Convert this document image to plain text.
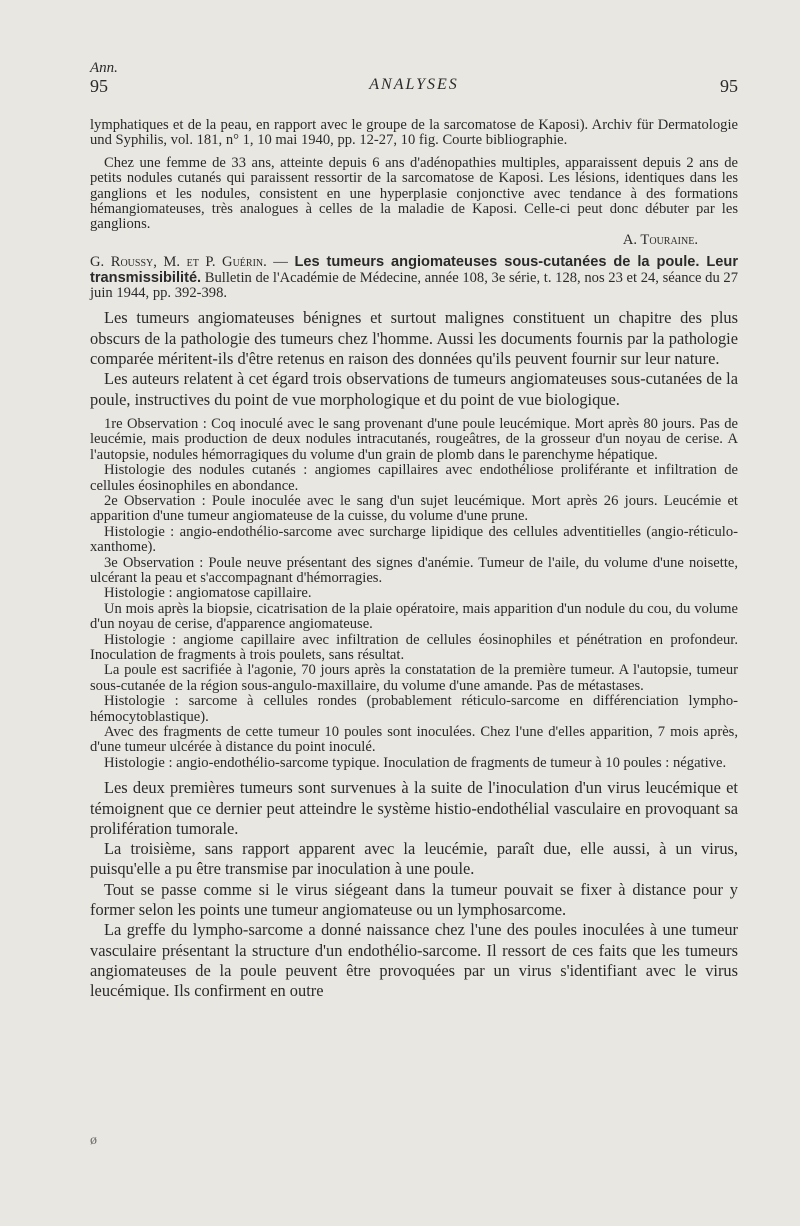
Ann.
95	ANALYSES	95

lymphatiques et de la peau, en rapport avec le groupe de la sarcomatose de Kaposi). Archiv für Dermatologie und Syphilis, vol. 181, n° 1, 10 mai 1940, pp. 12-27, 10 fig. Courte bibliographie.

Chez une femme de 33 ans, atteinte depuis 6 ans d'adénopathies multiples, apparaissent depuis 2 ans de petits nodules cutanés qui paraissent ressortir de la sarcomatose de Kaposi. Les lésions, identiques dans les ganglions et les nodules, consistent en une hyperplasie conjonctive avec tendance à des formations hémangiomateuses, très analogues à celles de la maladie de Kaposi. Celle-ci peut donc débuter par les ganglions.

A. Touraine.

G. Roussy, M. et P. Guérin. — Les tumeurs angiomateuses sous-cutanées de la poule. Leur transmissibilité. Bulletin de l'Académie de Médecine, année 108, 3e série, t. 128, nos 23 et 24, séance du 27 juin 1944, pp. 392-398.

Les tumeurs angiomateuses bénignes et surtout malignes constituent un chapitre des plus obscurs de la pathologie des tumeurs chez l'homme. Aussi les documents fournis par la pathologie comparée méritent-ils d'être retenus en raison des données qu'ils peuvent fournir sur leur nature.

Les auteurs relatent à cet égard trois observations de tumeurs angiomateuses sous-cutanées de la poule, instructives du point de vue morphologique et du point de vue biologique.

1re Observation : Coq inoculé avec le sang provenant d'une poule leucémique. Mort après 80 jours. Pas de leucémie, mais production de deux nodules intracutanés, rougeâtres, de la grosseur d'un noyau de cerise. A l'autopsie, nodules hémorragiques du volume d'un grain de plomb dans le parenchyme hépatique.

Histologie des nodules cutanés : angiomes capillaires avec endothéliose proliférante et infiltration de cellules éosinophiles en abondance.

2e Observation : Poule inoculée avec le sang d'un sujet leucémique. Mort après 26 jours. Leucémie et apparition d'une tumeur angiomateuse de la cuisse, du volume d'une prune.

Histologie : angio-endothélio-sarcome avec surcharge lipidique des cellules adventitielles (angio-réticulo-xanthome).

3e Observation : Poule neuve présentant des signes d'anémie. Tumeur de l'aile, du volume d'une noisette, ulcérant la peau et s'accompagnant d'hémorragies.

Histologie : angiomatose capillaire.

Un mois après la biopsie, cicatrisation de la plaie opératoire, mais apparition d'un nodule du cou, du volume d'un noyau de cerise, d'apparence angiomateuse.

Histologie : angiome capillaire avec infiltration de cellules éosinophiles et pénétration en profondeur. Inoculation de fragments à trois poulets, sans résultat.

La poule est sacrifiée à l'agonie, 70 jours après la constatation de la première tumeur. A l'autopsie, tumeur sous-cutanée de la région sous-angulo-maxillaire, du volume d'une amande. Pas de métastases.

Histologie : sarcome à cellules rondes (probablement réticulo-sarcome en différenciation lympho-hémocytoblastique).

Avec des fragments de cette tumeur 10 poules sont inoculées. Chez l'une d'elles apparition, 7 mois après, d'une tumeur ulcérée à distance du point inoculé.

Histologie : angio-endothélio-sarcome typique. Inoculation de fragments de tumeur à 10 poules : négative.

Les deux premières tumeurs sont survenues à la suite de l'inoculation d'un virus leucémique et témoignent que ce dernier peut atteindre le système histio-endothélial vasculaire en provoquant sa prolifération tumorale.

La troisième, sans rapport apparent avec la leucémie, paraît due, elle aussi, à un virus, puisqu'elle a pu être transmise par inoculation à une poule.

Tout se passe comme si le virus siégeant dans la tumeur pouvait se fixer à distance pour y former selon les points une tumeur angiomateuse ou un lymphosarcome.

La greffe du lympho-sarcome a donné naissance chez l'une des poules inoculées à une tumeur vasculaire présentant la structure d'un endothélio-sarcome. Il ressort de ces faits que les tumeurs angiomateuses de la poule peuvent être provoquées par un virus s'identifiant avec le virus leucémique. Ils confirment en outre

ø
